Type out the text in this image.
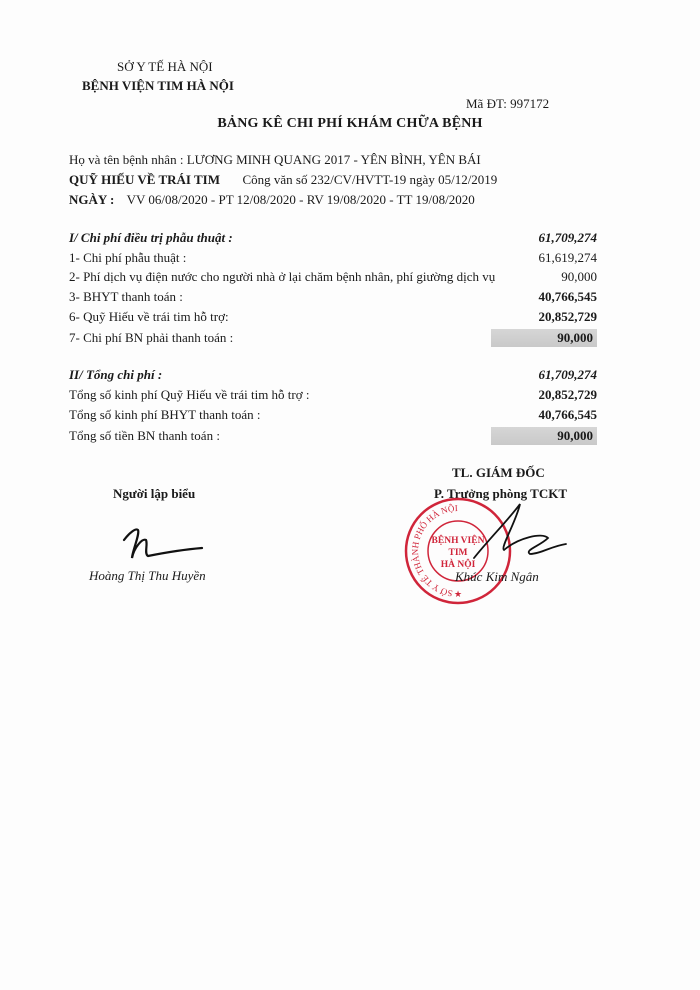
SỞ Y TẾ HÀ NỘI
BỆNH VIỆN TIM HÀ NỘI
Mã ĐT: 997172
BẢNG KÊ CHI PHÍ KHÁM CHỮA BỆNH
Họ và tên bệnh nhân : LƯƠNG MINH QUANG 2017 - YÊN BÌNH, YÊN BÁI
QUỸ HIẾU VỀ TRÁI TIM Công văn số 232/CV/HVTT-19 ngày 05/12/2019
NGÀY : VV 06/08/2020 - PT 12/08/2020 - RV 19/08/2020 - TT 19/08/2020
I/ Chi phí điều trị phẫu thuật :	61,709,274
1- Chi phí phẫu thuật :	61,619,274
2- Phí dịch vụ điện nước cho người nhà ở lại chăm bệnh nhân, phí giường dịch vụ	90,000
3- BHYT thanh toán :	40,766,545
6- Quỹ Hiếu về trái tim hỗ trợ:	20,852,729
7- Chi phí BN phải thanh toán :	90,000
II/ Tổng chi phí :	61,709,274
Tổng số kinh phí Quỹ Hiếu về trái tim hỗ trợ :	20,852,729
Tổng số kinh phí BHYT thanh toán :	40,766,545
Tổng số tiền BN thanh toán :	90,000
TL. GIÁM ĐỐC
Người lập biểu	P. Trưởng phòng TCKT
Hoàng Thị Thu Huyền
SỞ Y TẾ THÀNH PHỐ HÀ NỘI
BỆNH VIỆN
TIM
HÀ NỘI
★
Khúc Kim Ngân
